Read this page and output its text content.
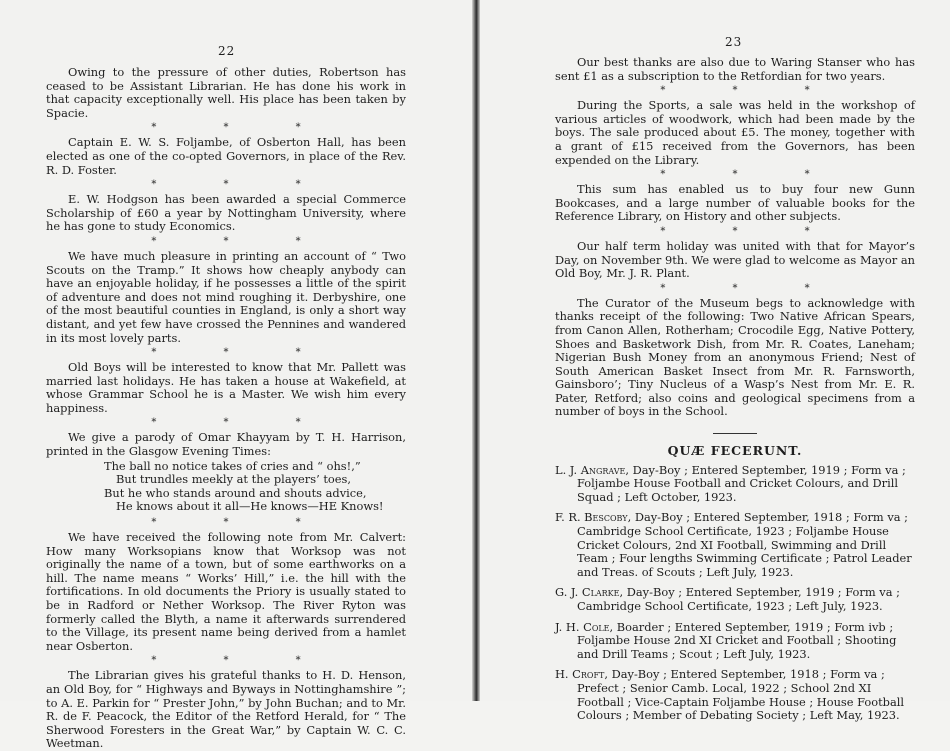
22

Owing to the pressure of other duties, Robertson has ceased to be Assistant Librarian. He has done his work in that capacity exceptionally well. His place has been taken by Spacie.

* * *

Captain E. W. S. Foljambe, of Osberton Hall, has been elected as one of the co-opted Governors, in place of the Rev. R. D. Foster.

* * *

E. W. Hodgson has been awarded a special Commerce Scholarship of £60 a year by Nottingham University, where he has gone to study Economics.

* * *

We have much pleasure in printing an account of “ Two Scouts on the Tramp.” It shows how cheaply anybody can have an enjoyable holiday, if he possesses a little of the spirit of adventure and does not mind roughing it. Derbyshire, one of the most beautiful counties in England, is only a short way distant, and yet few have crossed the Pennines and wandered in its most lovely parts.

* * *

Old Boys will be interested to know that Mr. Pallett was married last holidays. He has taken a house at Wakefield, at whose Grammar School he is a Master. We wish him every happiness.

* * *

We give a parody of Omar Khayyam by T. H. Harrison, printed in the Glasgow Evening Times:

The ball no notice takes of cries and “ ohs!,”
But trundles meekly at the players’ toes,
But he who stands around and shouts advice,
He knows about it all—He knows—HE Knows!
* * *

We have received the following note from Mr. Calvert: How many Worksopians know that Worksop was not originally the name of a town, but of some earthworks on a hill. The name means “ Works’ Hill,” i.e. the hill with the fortifications. In old documents the Priory is usually stated to be in Radford or Nether Worksop. The River Ryton was formerly called the Blyth, a name it afterwards surrendered to the Village, its present name being derived from a hamlet near Osberton.

* * *

The Librarian gives his grateful thanks to H. D. Henson, an Old Boy, for “ Highways and Byways in Nottinghamshire ”; to A. E. Parkin for “ Prester John,” by John Buchan; and to Mr. R. de F. Peacock, the Editor of the Retford Herald, for “ The Sherwood Foresters in the Great War,” by Captain W. C. C. Weetman.

23

Our best thanks are also due to Waring Stanser who has sent £1 as a subscription to the Retfordian for two years.

* * *

During the Sports, a sale was held in the workshop of various articles of woodwork, which had been made by the boys. The sale produced about £5. The money, together with a grant of £15 received from the Governors, has been expended on the Library.

* * *

This sum has enabled us to buy four new Gunn Bookcases, and a large number of valuable books for the Reference Library, on History and other subjects.

* * *

Our half term holiday was united with that for Mayor’s Day, on November 9th. We were glad to welcome as Mayor an Old Boy, Mr. J. R. Plant.

* * *

The Curator of the Museum begs to acknowledge with thanks receipt of the following: Two Native African Spears, from Canon Allen, Rotherham; Crocodile Egg, Native Pottery, Shoes and Basketwork Dish, from Mr. R. Coates, Laneham; Nigerian Bush Money from an anonymous Friend; Nest of South American Basket Insect from Mr. R. Farnsworth, Gainsboro’; Tiny Nucleus of a Wasp’s Nest from Mr. E. R. Pater, Retford; also coins and geological specimens from a number of boys in the School.

QUÆ FECERUNT.
L. J. Angrave, Day-Boy ; Entered September, 1919 ; Form va ; Foljambe House Football and Cricket Colours, and Drill Squad ; Left October, 1923.
F. R. Bescoby, Day-Boy ; Entered September, 1918 ; Form va ; Cambridge School Certificate, 1923 ; Foljambe House Cricket Colours, 2nd XI Football, Swimming and Drill Team ; Four lengths Swimming Certificate ; Patrol Leader and Treas. of Scouts ; Left July, 1923.
G. J. Clarke, Day-Boy ; Entered September, 1919 ; Form va ; Cambridge School Certificate, 1923 ; Left July, 1923.
J. H. Cole, Boarder ; Entered September, 1919 ; Form ivb ; Foljambe House 2nd XI Cricket and Football ; Shooting and Drill Teams ; Scout ; Left July, 1923.
H. Croft, Day-Boy ; Entered September, 1918 ; Form va ; Prefect ; Senior Camb. Local, 1922 ; School 2nd XI Football ; Vice-Captain Foljambe House ; House Football Colours ; Member of Debating Society ; Left May, 1923.
